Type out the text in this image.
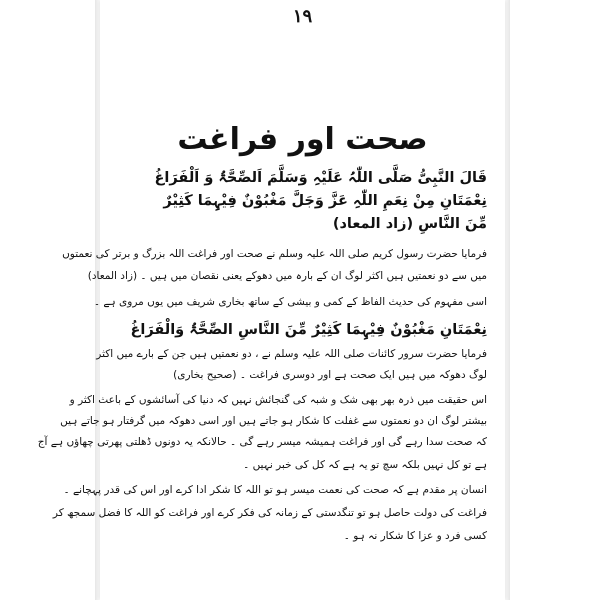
۱۹
صحت اور فراغت
قَالَ النَّبِیُّ صَلَّی اللّٰہُ عَلَیْہِ وَسَلَّمَ اَلصِّحَّۃُ وَ اَلْفَرَاغُ
نِعْمَتَانِ مِنْ نِعَمِ اللّٰہِ عَزَّ وَجَلَّ مَغْبُوْنٌ فِیْہِمَا کَثِیْرٌ
مِّنَ النَّاسِ (زاد المعاد)
فرمایا حضرت رسول کریم صلی اللہ علیہ وسلم نے صحت اور فراغت اللہ بزرگ و برتر کی نعمتوں
میں سے دو نعمتیں ہیں اکثر لوگ ان کے بارہ میں دھوکے یعنی نقصان میں ہیں ۔ (زاد المعاد)
اسی مفہوم کی حدیث الفاظ کے کمی و بیشی کے ساتھ بخاری شریف میں یوں مروی ہے ۔
نِعْمَتَانِ مَغْبُوْنٌ فِیْہِمَا کَثِیْرٌ مِّنَ النَّاسِ الصِّحَّۃُ وَالْفَرَاغُ
فرمایا حضرت سرور کائنات صلی اللہ علیہ وسلم نے ، دو نعمتیں ہیں جن کے بارے میں اکثر
لوگ دھوکہ میں ہیں ایک صحت ہے اور دوسری فراغت ۔ (صحیح بخاری)
اس حقیقت میں ذرہ بھر بھی شک و شبہ کی گنجائش نہیں کہ دنیا کی آسائشوں کے باعث اکثر و
بیشتر لوگ ان دو نعمتوں سے غفلت کا شکار ہو جاتے ہیں اور اسی دھوکہ میں گرفتار ہو جاتے ہیں
کہ صحت سدا رہے گی اور فراغت ہمیشہ میسر رہے گی ۔ حالانکہ یہ دونوں ڈھلتی پھرتی چھاؤں ہے آج
ہے تو کل نہیں بلکہ سچ تو یہ ہے کہ کل کی خبر نہیں ۔
انسان پر مقدم ہے کہ صحت کی نعمت میسر ہو تو اللہ کا شکر ادا کرے اور اس کی قدر پہچانے ۔
فراغت کی دولت حاصل ہو تو تنگدستی کے زمانہ کی فکر کرے اور فراغت کو اللہ کا فضل سمجھ کر
کسی فرد و عزا کا شکار نہ ہو ۔
